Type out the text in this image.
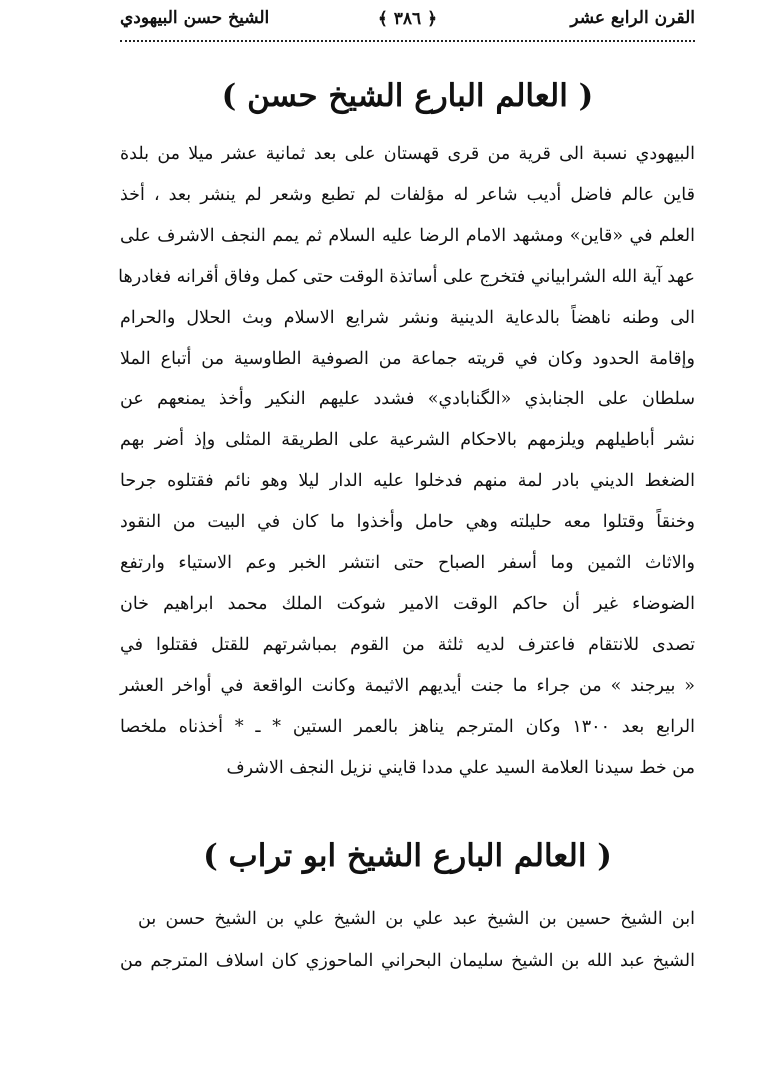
القرن الرابع عشر
﴿ ٣٨٦ ﴾
الشيخ حسن البيهودي
( العالم البارع الشيخ حسن )
البيهودي نسبة الى قرية من قرى قهستان على بعد ثمانية عشر ميلا من بلدة
قاين عالم فاضل أديب شاعر له مؤلفات لم تطبع وشعر لم ينشر بعد ، أخذ
العلم في «قاين» ومشهد الامام الرضا عليه السلام ثم يمم النجف الاشرف على
عهد آية الله الشرابياني فتخرج على أساتذة الوقت حتى كمل وفاق أقرانه فغادرها
الى وطنه ناهضاً بالدعاية الدينية ونشر شرايع الاسلام وبث الحلال والحرام
وإقامة الحدود وكان في قريته جماعة من الصوفية الطاوسية من أتباع الملا
سلطان على الجنابذي «الگنابادي» فشدد عليهم النكير وأخذ يمنعهم عن
نشر أباطيلهم ويلزمهم بالاحكام الشرعية على الطريقة المثلى وإذ أضر بهم
الضغط الديني بادر لمة منهم فدخلوا عليه الدار ليلا وهو نائم فقتلوه جرحا
وخنقاً وقتلوا معه حليلته وهي حامل وأخذوا ما كان في البيت من النقود
والاثاث الثمين وما أسفر الصباح حتى انتشر الخبر وعم الاستياء وارتفع
الضوضاء غير أن حاكم الوقت الامير شوكت الملك محمد ابراهيم خان
تصدى للانتقام فاعترف لديه ثلثة من القوم بمباشرتهم للقتل فقتلوا في
« بيرجند » من جراء ما جنت أيديهم الاثيمة وكانت الواقعة في أواخر العشر
الرابع بعد ١٣٠٠ وكان المترجم يناهز بالعمر الستين * ـ * أخذناه ملخصا
من خط سيدنا العلامة السيد علي مددا قايني نزيل النجف الاشرف
( العالم البارع الشيخ ابو تراب )
ابن الشيخ حسين بن الشيخ عبد علي بن الشيخ علي بن الشيخ حسن بن
الشيخ عبد الله بن الشيخ سليمان البحراني الماحوزي كان اسلاف المترجم من
